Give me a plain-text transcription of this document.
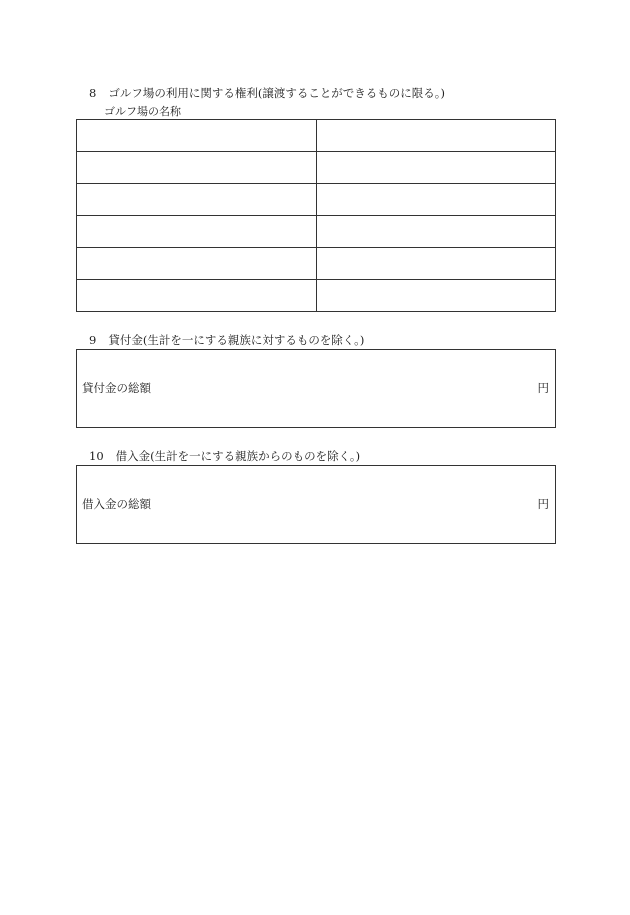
8 ゴルフ場の利用に関する権利(譲渡することができるものに限る。)
ゴルフ場の名称

9 貸付金(生計を一にする親族に対するものを除く。)
貸付金の総額	円
10 借入金(生計を一にする親族からのものを除く。)
借入金の総額	円
